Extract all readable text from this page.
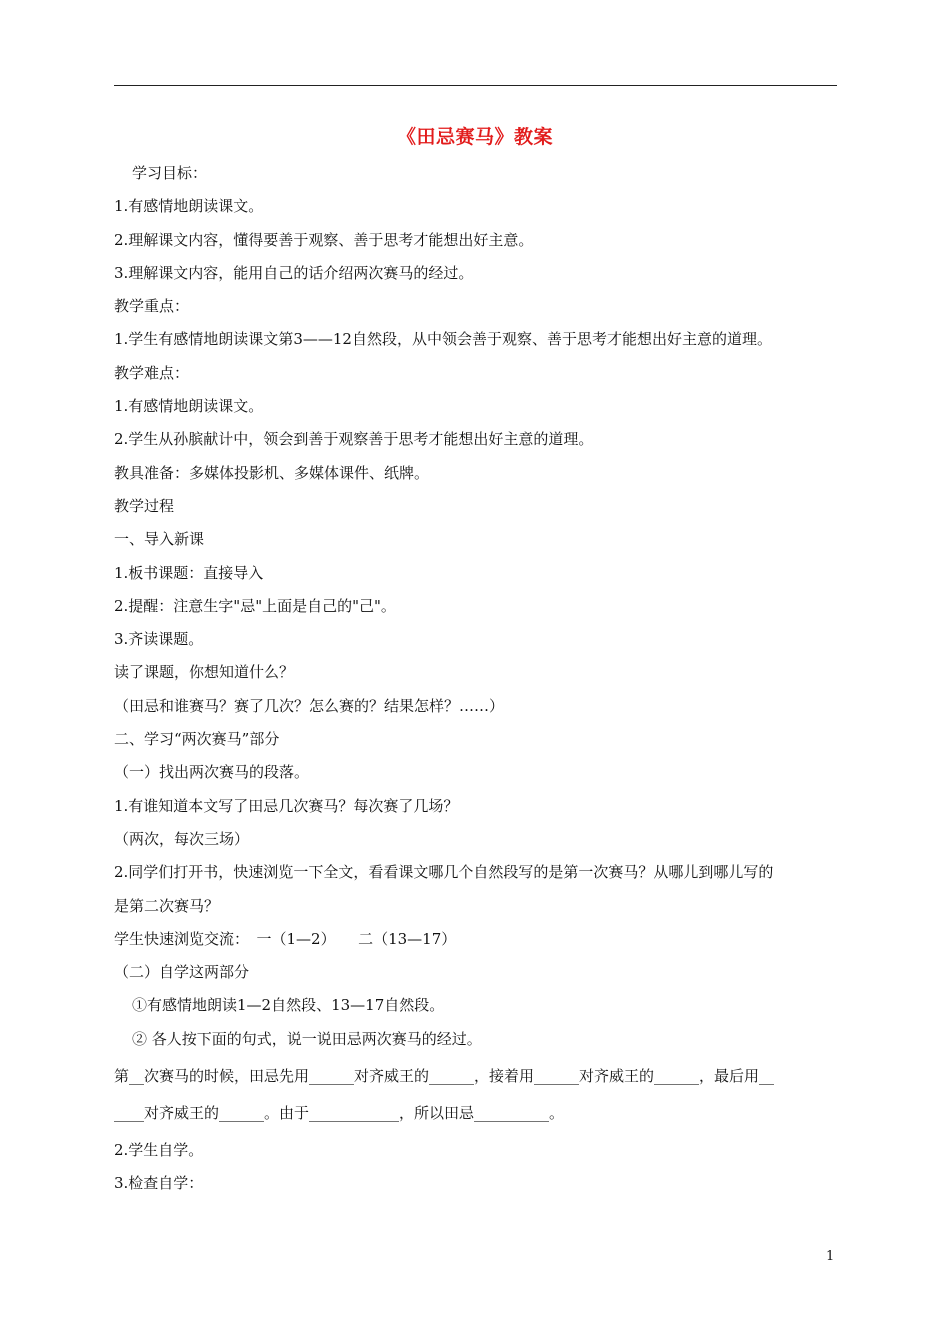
《田忌赛马》教案
学习目标：
1.有感情地朗读课文。
2.理解课文内容，懂得要善于观察、善于思考才能想出好主意。
3.理解课文内容，能用自己的话介绍两次赛马的经过。
教学重点：
1.学生有感情地朗读课文第3——12自然段，从中领会善于观察、善于思考才能想出好主意的道理。
教学难点：
1.有感情地朗读课文。
2.学生从孙膑献计中，领会到善于观察善于思考才能想出好主意的道理。
教具准备：多媒体投影机、多媒体课件、纸牌。
教学过程
一、导入新课
1.板书课题：直接导入
2.提醒：注意生字"忌"上面是自己的"己"。
3.齐读课题。
读了课题，你想知道什么？
（田忌和谁赛马？赛了几次？怎么赛的？结果怎样？……）
二、学习“两次赛马”部分
（一）找出两次赛马的段落。
1.有谁知道本文写了田忌几次赛马？每次赛了几场？
（两次，每次三场）
2.同学们打开书，快速浏览一下全文，看看课文哪几个自然段写的是第一次赛马？从哪儿到哪儿写的
是第二次赛马？
学生快速浏览交流：　一（1—2）　　二（13—17）
（二）自学这两部分
①有感情地朗读1—2自然段、13—17自然段。
② 各人按下面的句式，说一说田忌两次赛马的经过。
第__次赛马的时候，田忌先用______对齐威王的______，接着用______对齐威王的______，最后用__
____对齐威王的______。由于____________，所以田忌__________。
2.学生自学。
3.检查自学：
1
